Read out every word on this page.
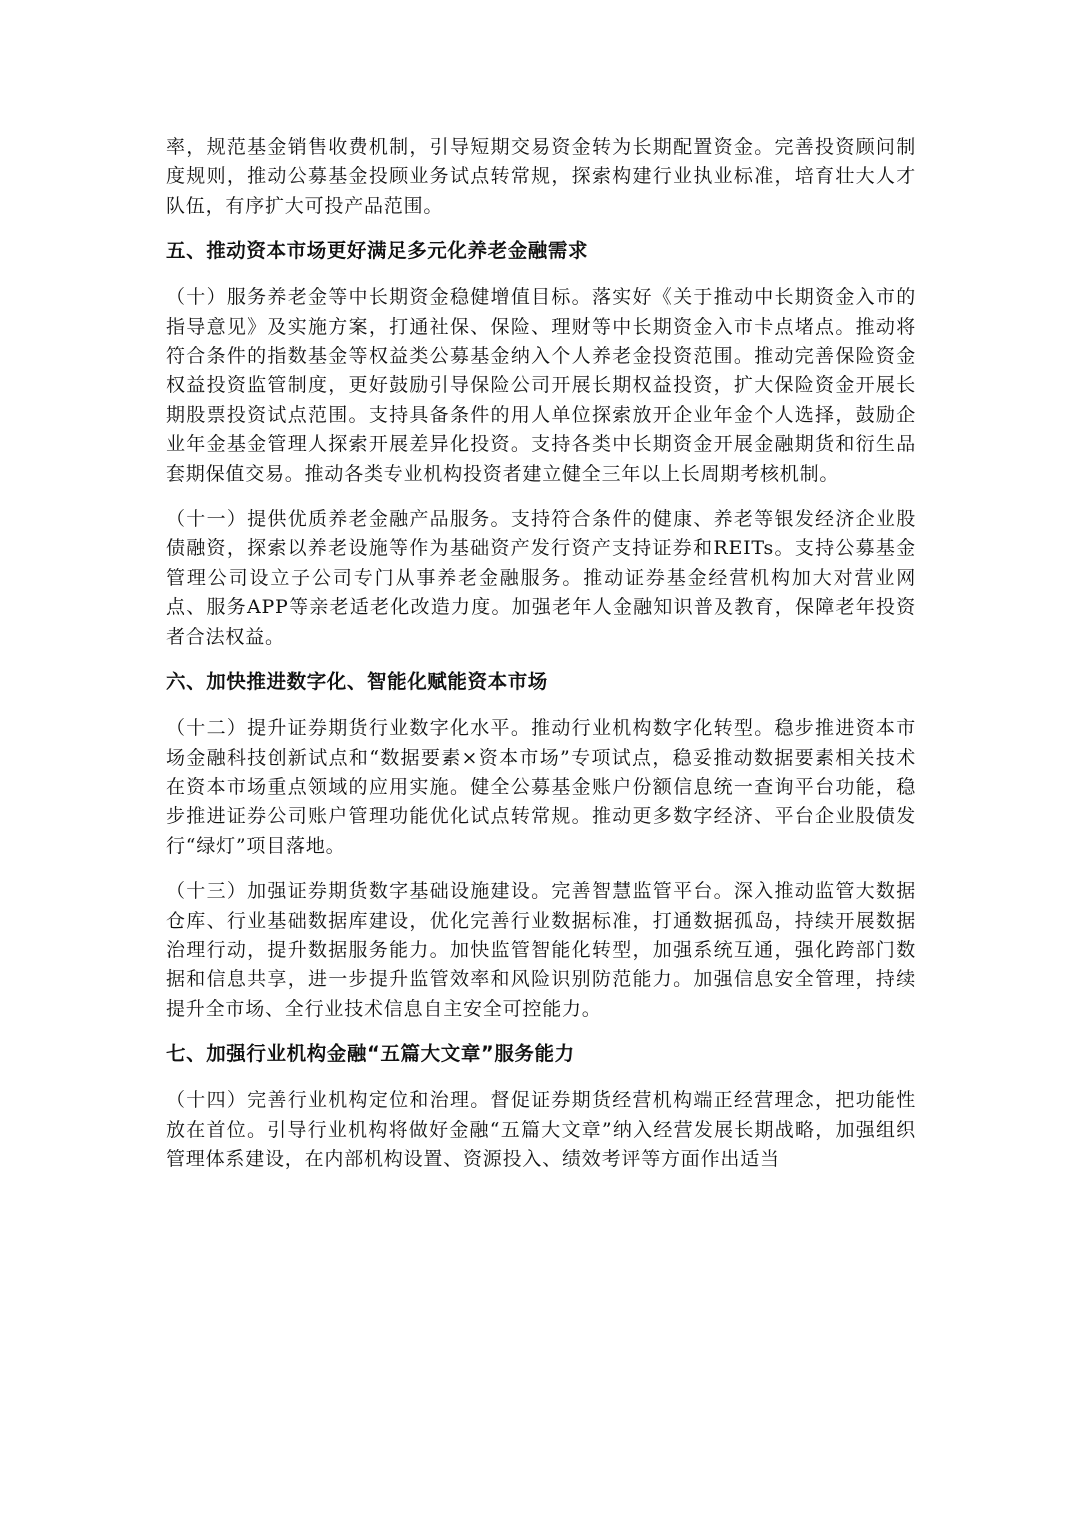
率，规范基金销售收费机制，引导短期交易资金转为长期配置资金。完善投资顾问制度规则，推动公募基金投顾业务试点转常规，探索构建行业执业标准，培育壮大人才队伍，有序扩大可投产品范围。

五、推动资本市场更好满足多元化养老金融需求

（十）服务养老金等中长期资金稳健增值目标。落实好《关于推动中长期资金入市的指导意见》及实施方案，打通社保、保险、理财等中长期资金入市卡点堵点。推动将符合条件的指数基金等权益类公募基金纳入个人养老金投资范围。推动完善保险资金权益投资监管制度，更好鼓励引导保险公司开展长期权益投资，扩大保险资金开展长期股票投资试点范围。支持具备条件的用人单位探索放开企业年金个人选择，鼓励企业年金基金管理人探索开展差异化投资。支持各类中长期资金开展金融期货和衍生品套期保值交易。推动各类专业机构投资者建立健全三年以上长周期考核机制。

（十一）提供优质养老金融产品服务。支持符合条件的健康、养老等银发经济企业股债融资，探索以养老设施等作为基础资产发行资产支持证券和REITs。支持公募基金管理公司设立子公司专门从事养老金融服务。推动证券基金经营机构加大对营业网点、服务APP等亲老适老化改造力度。加强老年人金融知识普及教育，保障老年投资者合法权益。

六、加快推进数字化、智能化赋能资本市场

（十二）提升证券期货行业数字化水平。推动行业机构数字化转型。稳步推进资本市场金融科技创新试点和“数据要素×资本市场”专项试点，稳妥推动数据要素相关技术在资本市场重点领域的应用实施。健全公募基金账户份额信息统一查询平台功能，稳步推进证券公司账户管理功能优化试点转常规。推动更多数字经济、平台企业股债发行“绿灯”项目落地。

（十三）加强证券期货数字基础设施建设。完善智慧监管平台。深入推动监管大数据仓库、行业基础数据库建设，优化完善行业数据标准，打通数据孤岛，持续开展数据治理行动，提升数据服务能力。加快监管智能化转型，加强系统互通，强化跨部门数据和信息共享，进一步提升监管效率和风险识别防范能力。加强信息安全管理，持续提升全市场、全行业技术信息自主安全可控能力。

七、加强行业机构金融“五篇大文章”服务能力

（十四）完善行业机构定位和治理。督促证券期货经营机构端正经营理念，把功能性放在首位。引导行业机构将做好金融“五篇大文章”纳入经营发展长期战略，加强组织管理体系建设，在内部机构设置、资源投入、绩效考评等方面作出适当
